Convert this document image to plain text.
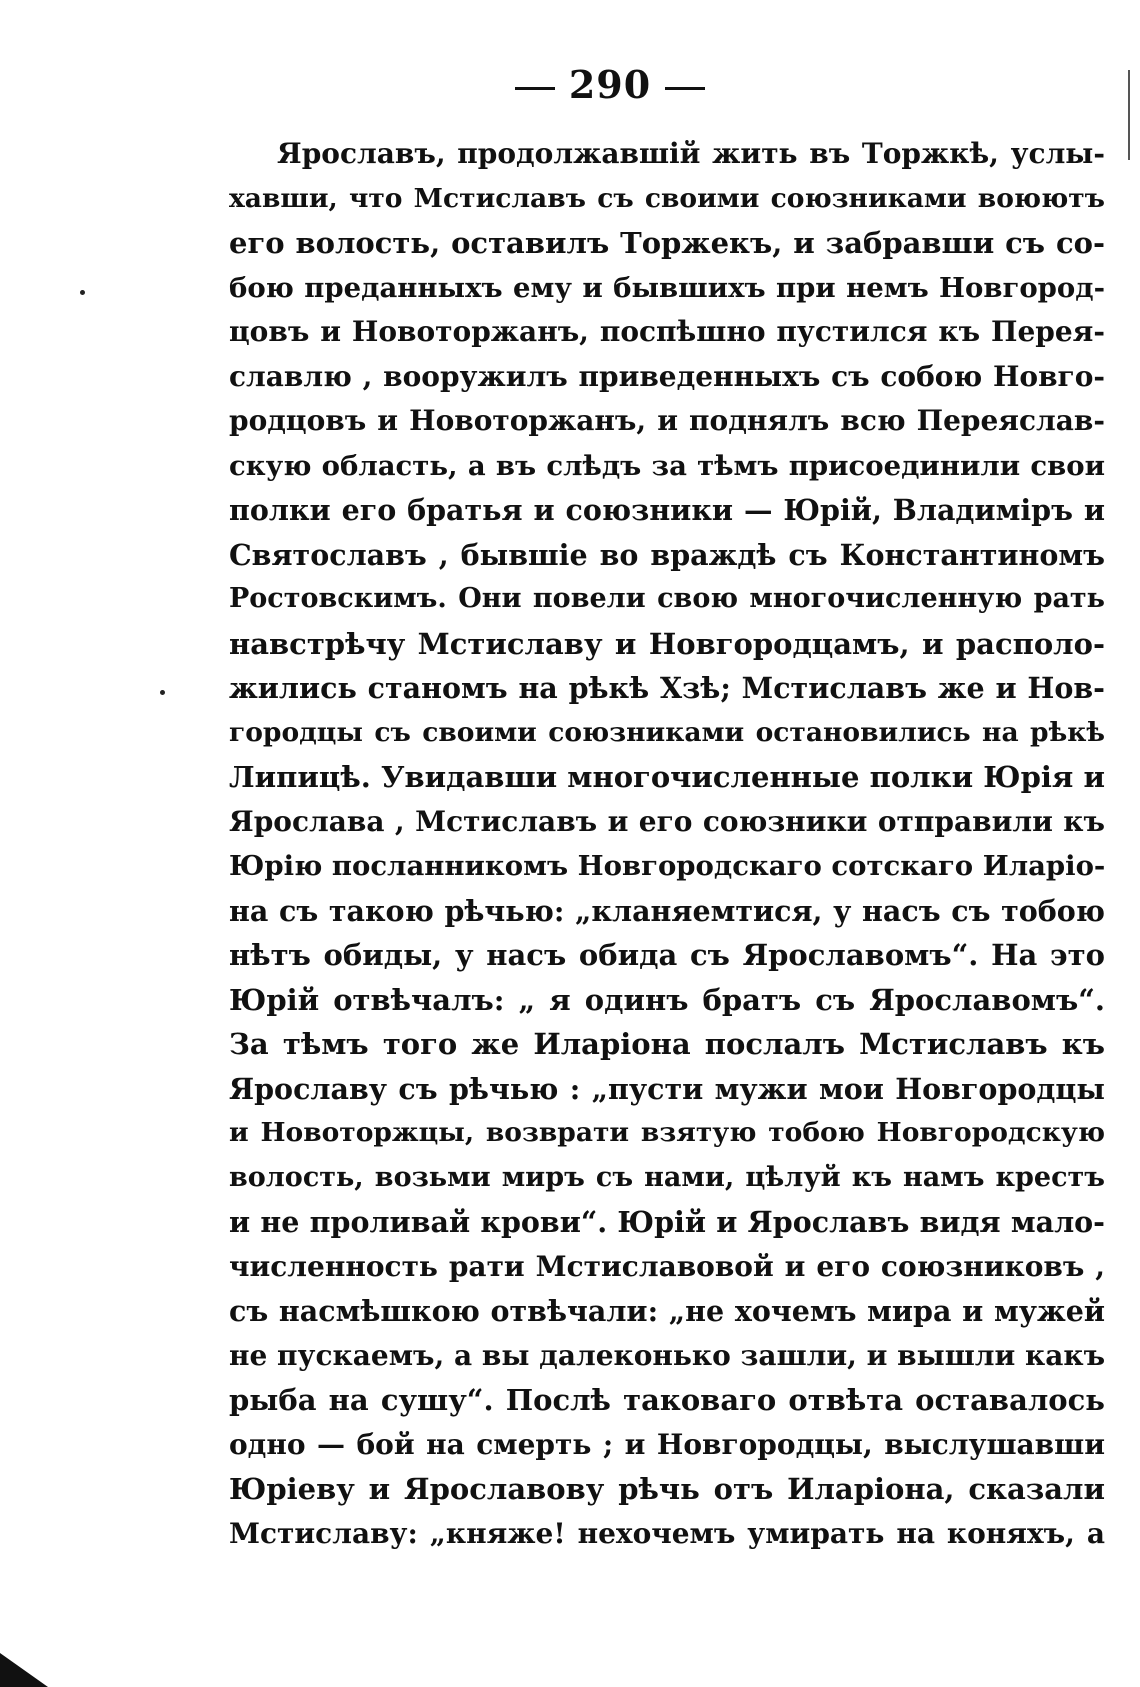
290
Ярославъ, продолжавшій жить въ Торжкѣ, услы-
хавши, что Мстиславъ съ своими союзниками воюютъ
его волость, оставилъ Торжекъ, и забравши съ со-
бою преданныхъ ему и бывшихъ при немъ Новгород-
цовъ и Новоторжанъ, поспѣшно пустился къ Перея-
славлю , вооружилъ приведенныхъ съ собою Новго-
родцовъ и Новоторжанъ, и поднялъ всю Переяслав-
скую область, а въ слѣдъ за тѣмъ присоединили свои
полки его братья и союзники — Юрій, Владиміръ и
Святославъ , бывшіе во враждѣ съ Константиномъ
Ростовскимъ. Они повели свою многочисленную рать
навстрѣчу Мстиславу и Новгородцамъ, и располо-
жились станомъ на рѣкѣ Хзѣ; Мстиславъ же и Нов-
городцы съ своими союзниками остановились на рѣкѣ
Липицѣ. Увидавши многочисленные полки Юрія и
Ярослава , Мстиславъ и его союзники отправили къ
Юрію посланникомъ Новгородскаго сотскаго Иларіо-
на съ такою рѣчью: „кланяемтися, у насъ съ тобою
нѣтъ обиды, у насъ обида съ Ярославомъ“. На это
Юрій отвѣчалъ: „ я одинъ братъ съ Ярославомъ“.
За тѣмъ того же Иларіона послалъ Мстиславъ къ
Ярославу съ рѣчью : „пусти мужи мои Новгородцы
и Новоторжцы, возврати взятую тобою Новгородскую
волость, возьми миръ съ нами, цѣлуй къ намъ крестъ
и не проливай крови“. Юрій и Ярославъ видя мало-
численность рати Мстиславовой и его союзниковъ ,
съ насмѣшкою отвѣчали: „не хочемъ мира и мужей
не пускаемъ, а вы далеконько зашли, и вышли какъ
рыба на сушу“. Послѣ таковаго отвѣта оставалось
одно — бой на смерть ; и Новгородцы, выслушавши
Юріеву и Ярославову рѣчь отъ Иларіона, сказали
Мстиславу: „княже! нехочемъ умирать на коняхъ, а
